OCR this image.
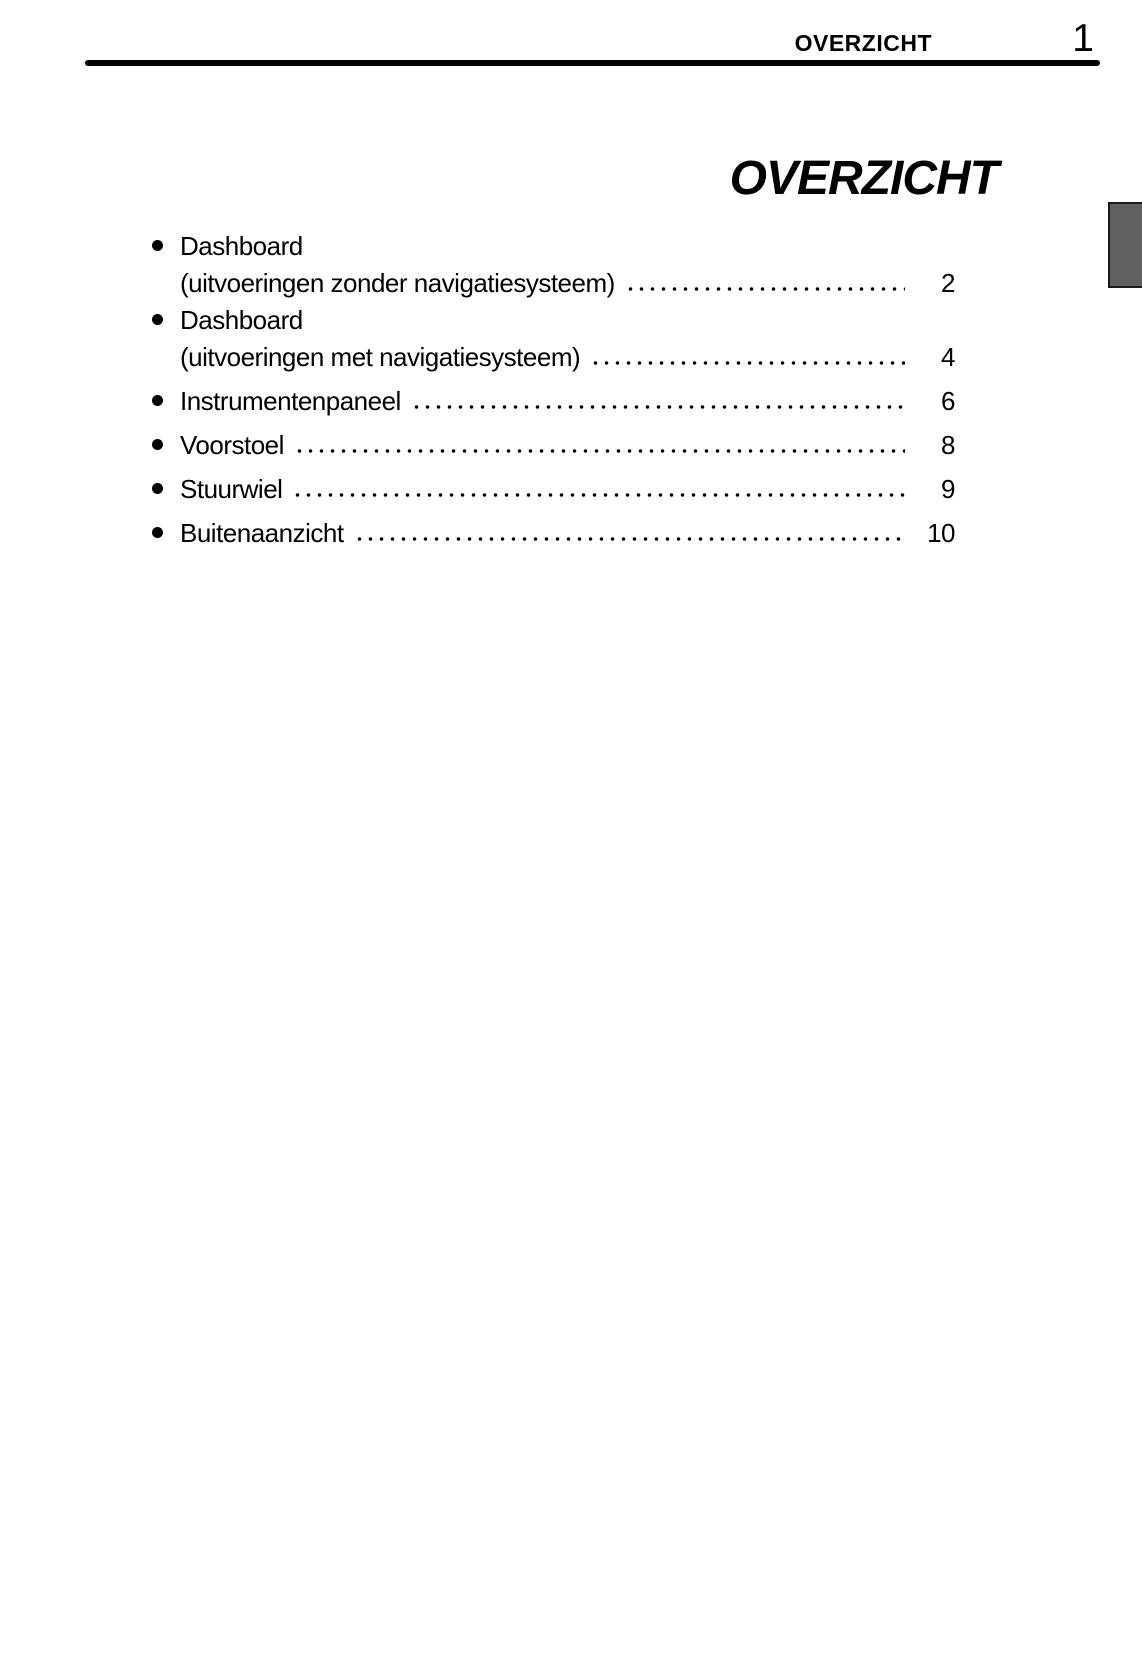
OVERZICHT	1
OVERZICHT
Dashboard
(uitvoeringen zonder navigatiesysteem)	2
Dashboard
(uitvoeringen met navigatiesysteem)	4
Instrumentenpaneel	6
Voorstoel	8
Stuurwiel	9
Buitenaanzicht	10
